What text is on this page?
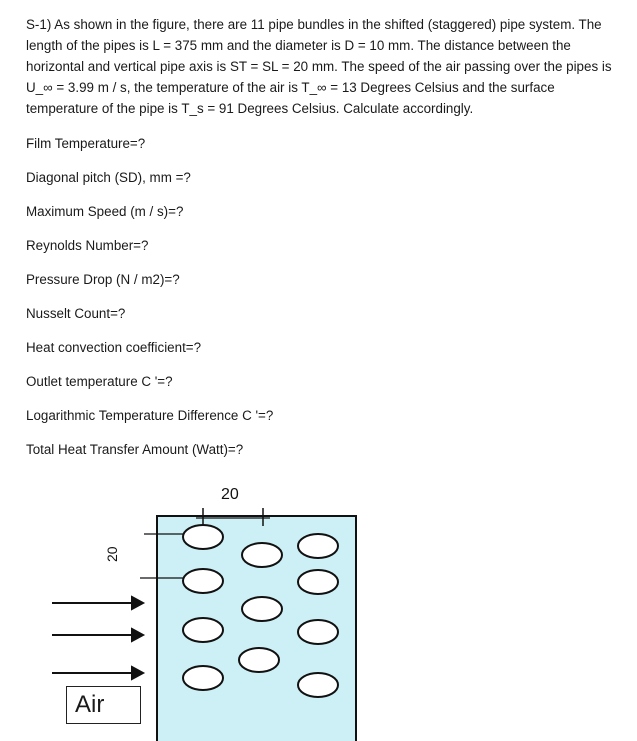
S-1) As shown in the figure, there are 11 pipe bundles in the shifted (staggered) pipe system. The length of the pipes is L = 375 mm and the diameter is D = 10 mm. The distance between the horizontal and vertical pipe axis is ST = SL = 20 mm. The speed of the air passing over the pipes is U_∞ = 3.99 m / s, the temperature of the air is T_∞ = 13 Degrees Celsius and the surface temperature of the pipe is T_s = 91 Degrees Celsius. Calculate accordingly.

Film Temperature=?
Diagonal pitch (SD), mm =?
Maximum Speed (m / s)=?
Reynolds Number=?
Pressure Drop (N / m2)=?
Nusselt Count=?
Heat convection coefficient=?
Outlet temperature C '=?
Logarithmic Temperature Difference C '=?
Total Heat Transfer Amount (Watt)=?
20
20
Air
